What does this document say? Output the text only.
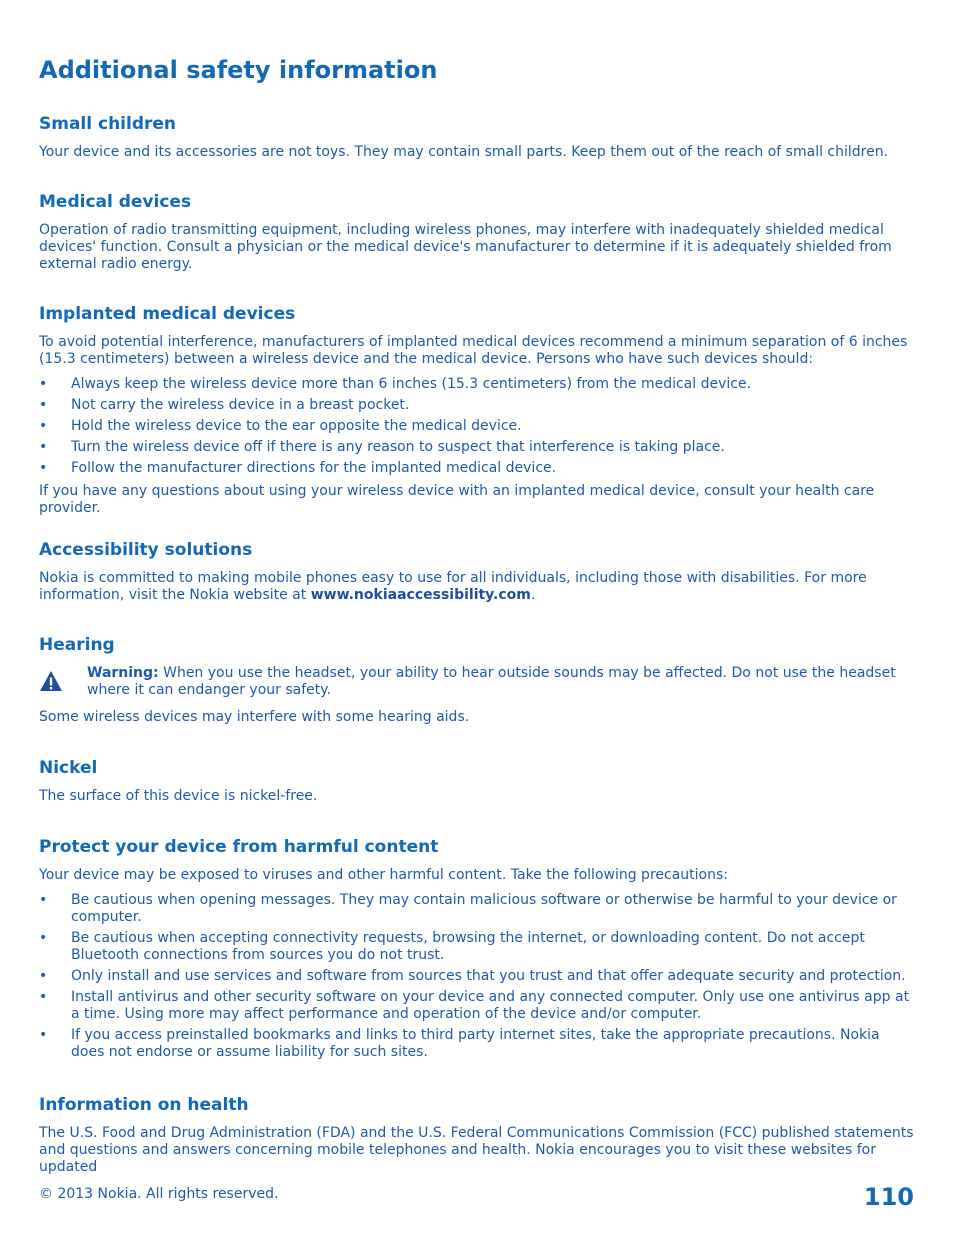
Additional safety information
Small children

Your device and its accessories are not toys. They may contain small parts. Keep them out of the reach of small children.

Medical devices

Operation of radio transmitting equipment, including wireless phones, may interfere with inadequately shielded medical devices' function. Consult a physician or the medical device's manufacturer to determine if it is adequately shielded from external radio energy.

Implanted medical devices

To avoid potential interference, manufacturers of implanted medical devices recommend a minimum separation of 6 inches (15.3 centimeters) between a wireless device and the medical device. Persons who have such devices should:

• Always keep the wireless device more than 6 inches (15.3 centimeters) from the medical device.
• Not carry the wireless device in a breast pocket.
• Hold the wireless device to the ear opposite the medical device.
• Turn the wireless device off if there is any reason to suspect that interference is taking place.
• Follow the manufacturer directions for the implanted medical device.

If you have any questions about using your wireless device with an implanted medical device, consult your health care provider.

Accessibility solutions

Nokia is committed to making mobile phones easy to use for all individuals, including those with disabilities. For more information, visit the Nokia website at www.nokiaaccessibility.com.

Hearing

Warning: When you use the headset, your ability to hear outside sounds may be affected. Do not use the headset where it can endanger your safety.

Some wireless devices may interfere with some hearing aids.

Nickel

The surface of this device is nickel-free.

Protect your device from harmful content

Your device may be exposed to viruses and other harmful content. Take the following precautions:

• Be cautious when opening messages. They may contain malicious software or otherwise be harmful to your device or computer.
• Be cautious when accepting connectivity requests, browsing the internet, or downloading content. Do not accept Bluetooth connections from sources you do not trust.
• Only install and use services and software from sources that you trust and that offer adequate security and protection.
• Install antivirus and other security software on your device and any connected computer. Only use one antivirus app at a time. Using more may affect performance and operation of the device and/or computer.
• If you access preinstalled bookmarks and links to third party internet sites, take the appropriate precautions. Nokia does not endorse or assume liability for such sites.
Information on health

The U.S. Food and Drug Administration (FDA) and the U.S. Federal Communications Commission (FCC) published statements and questions and answers concerning mobile telephones and health. Nokia encourages you to visit these websites for updated

© 2013 Nokia. All rights reserved.	110
